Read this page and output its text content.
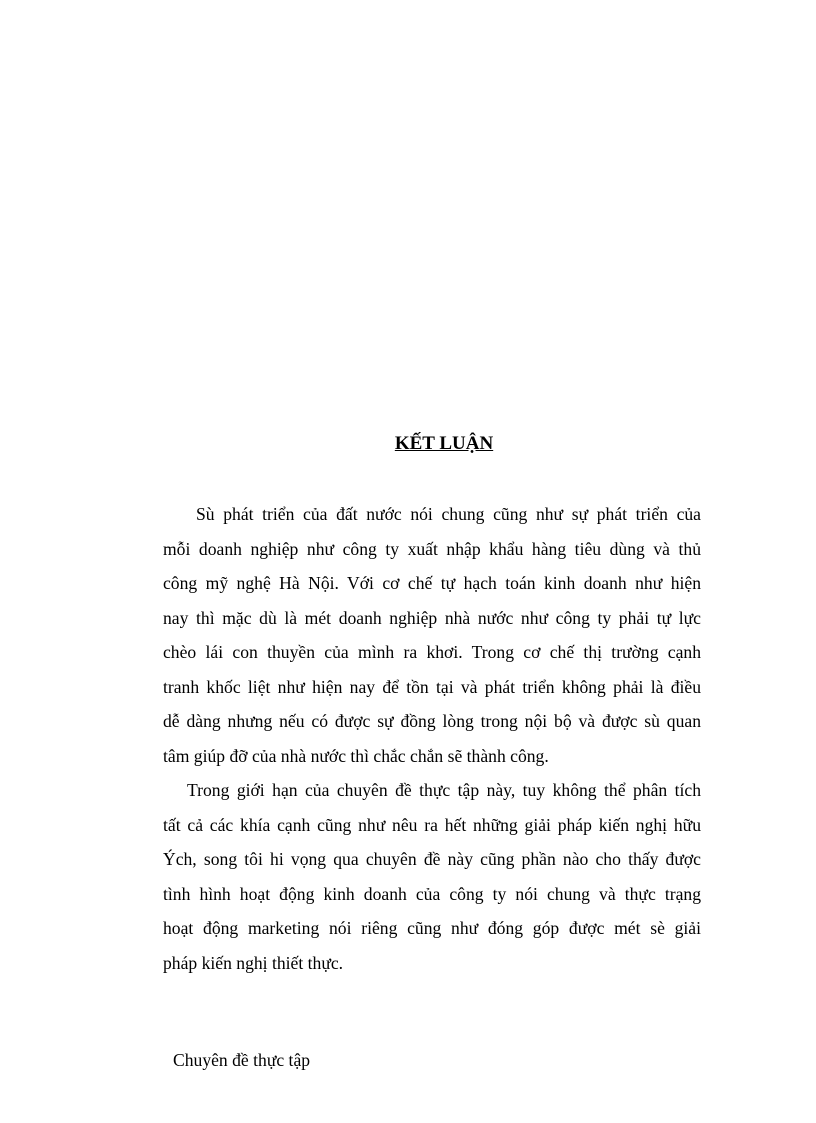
KẾT LUẬN
Sù phát triển của đất nước nói chung cũng như sự phát triển của
mỗi doanh nghiệp như công ty xuất nhập khẩu hàng tiêu dùng và thủ
công mỹ nghệ Hà Nội. Với cơ chế tự hạch toán kinh doanh như hiện
nay thì mặc dù là mét doanh nghiệp nhà nước như công ty phải tự lực
chèo lái con thuyền của mình ra khơi. Trong cơ chế thị trường cạnh
tranh khốc liệt như hiện nay để tồn tại và phát triển không phải là điều
dễ dàng nhưng nếu có được sự đồng lòng trong nội bộ và được sù quan
tâm giúp đỡ của nhà nước thì chắc chắn sẽ thành công.
Trong giới hạn của chuyên đề thực tập này, tuy không thể phân tích
tất cả các khía cạnh cũng như nêu ra hết những giải pháp kiến nghị hữu
Ých, song tôi hi vọng qua chuyên đề này cũng phần nào cho thấy được
tình hình hoạt động kinh doanh của công ty nói chung và thực trạng
hoạt động marketing nói riêng cũng như đóng góp được mét sè giải
pháp kiến nghị thiết thực.
Chuyên đề thực tập
